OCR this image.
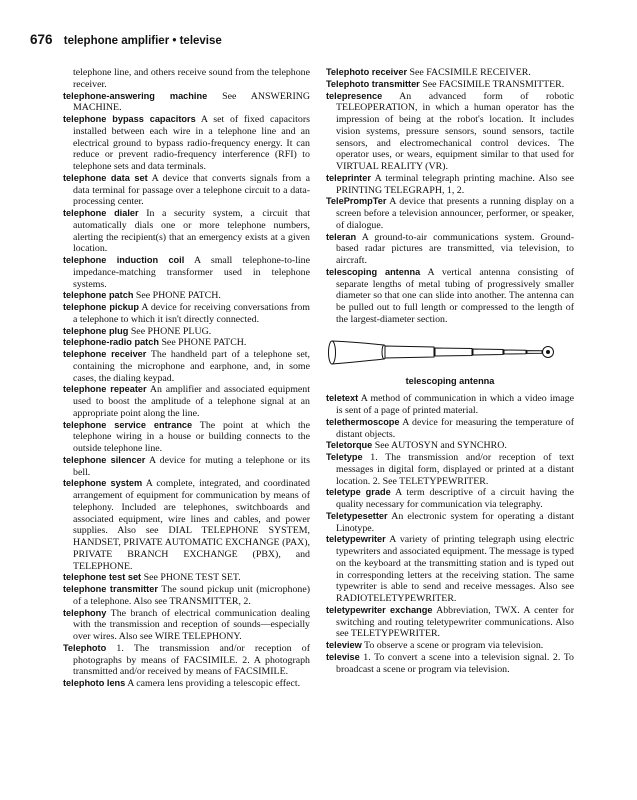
676 telephone amplifier • televise

telephone line, and others receive sound from the telephone receiver.

telephone-answering machine See ANSWERING MACHINE.

telephone bypass capacitors A set of fixed capacitors installed between each wire in a telephone line and an electrical ground to bypass radio-frequency energy. It can reduce or prevent radio-frequency interference (RFI) to telephone sets and data terminals.

telephone data set A device that converts signals from a data terminal for passage over a telephone circuit to a data-processing center.

telephone dialer In a security system, a circuit that automatically dials one or more telephone numbers, alerting the recipient(s) that an emergency exists at a given location.

telephone induction coil A small telephone-to-line impedance-matching transformer used in telephone systems.

telephone patch See PHONE PATCH.

telephone pickup A device for receiving conversations from a telephone to which it isn't directly connected.

telephone plug See PHONE PLUG.

telephone-radio patch See PHONE PATCH.

telephone receiver The handheld part of a telephone set, containing the microphone and earphone, and, in some cases, the dialing keypad.

telephone repeater An amplifier and associated equipment used to boost the amplitude of a telephone signal at an appropriate point along the line.

telephone service entrance The point at which the telephone wiring in a house or building connects to the outside telephone line.

telephone silencer A device for muting a telephone or its bell.

telephone system A complete, integrated, and coordinated arrangement of equipment for communication by means of telephony. Included are telephones, switchboards and associated equipment, wire lines and cables, and power supplies. Also see DIAL TELEPHONE SYSTEM, HANDSET, PRIVATE AUTOMATIC EXCHANGE (PAX), PRIVATE BRANCH EXCHANGE (PBX), and TELEPHONE.

telephone test set See PHONE TEST SET.

telephone transmitter The sound pickup unit (microphone) of a telephone. Also see TRANSMITTER, 2.

telephony The branch of electrical communication dealing with the transmission and reception of sounds—especially over wires. Also see WIRE TELEPHONY.

Telephoto 1. The transmission and/or reception of photographs by means of FACSIMILE. 2. A photograph transmitted and/or received by means of FACSIMILE.

telephoto lens A camera lens providing a telescopic effect.

Telephoto receiver See FACSIMILE RECEIVER.

Telephoto transmitter See FACSIMILE TRANSMITTER.

telepresence An advanced form of robotic TELEOPERATION, in which a human operator has the impression of being at the robot's location. It includes vision systems, pressure sensors, sound sensors, tactile sensors, and electromechanical control devices. The operator uses, or wears, equipment similar to that used for VIRTUAL REALITY (VR).

teleprinter A terminal telegraph printing machine. Also see PRINTING TELEGRAPH, 1, 2.

TelePrompTer A device that presents a running display on a screen before a television announcer, performer, or speaker, of dialogue.

teleran A ground-to-air communications system. Ground-based radar pictures are transmitted, via television, to aircraft.

telescoping antenna A vertical antenna consisting of separate lengths of metal tubing of progressively smaller diameter so that one can slide into another. The antenna can be pulled out to full length or compressed to the length of the largest-diameter section.

telescoping antenna

teletext A method of communication in which a video image is sent of a page of printed material.

telethermoscope A device for measuring the temperature of distant objects.

Teletorque See AUTOSYN and SYNCHRO.

Teletype 1. The transmission and/or reception of text messages in digital form, displayed or printed at a distant location. 2. See TELETYPEWRITER.

teletype grade A term descriptive of a circuit having the quality necessary for communication via telegraphy.

Teletypesetter An electronic system for operating a distant Linotype.

teletypewriter A variety of printing telegraph using electric typewriters and associated equipment. The message is typed on the keyboard at the transmitting station and is typed out in corresponding letters at the receiving station. The same typewriter is able to send and receive messages. Also see RADIOTELETYPEWRITER.

teletypewriter exchange Abbreviation, TWX. A center for switching and routing teletypewriter communications. Also see TELETYPEWRITER.

teleview To observe a scene or program via television.

televise 1. To convert a scene into a television signal. 2. To broadcast a scene or program via television.
